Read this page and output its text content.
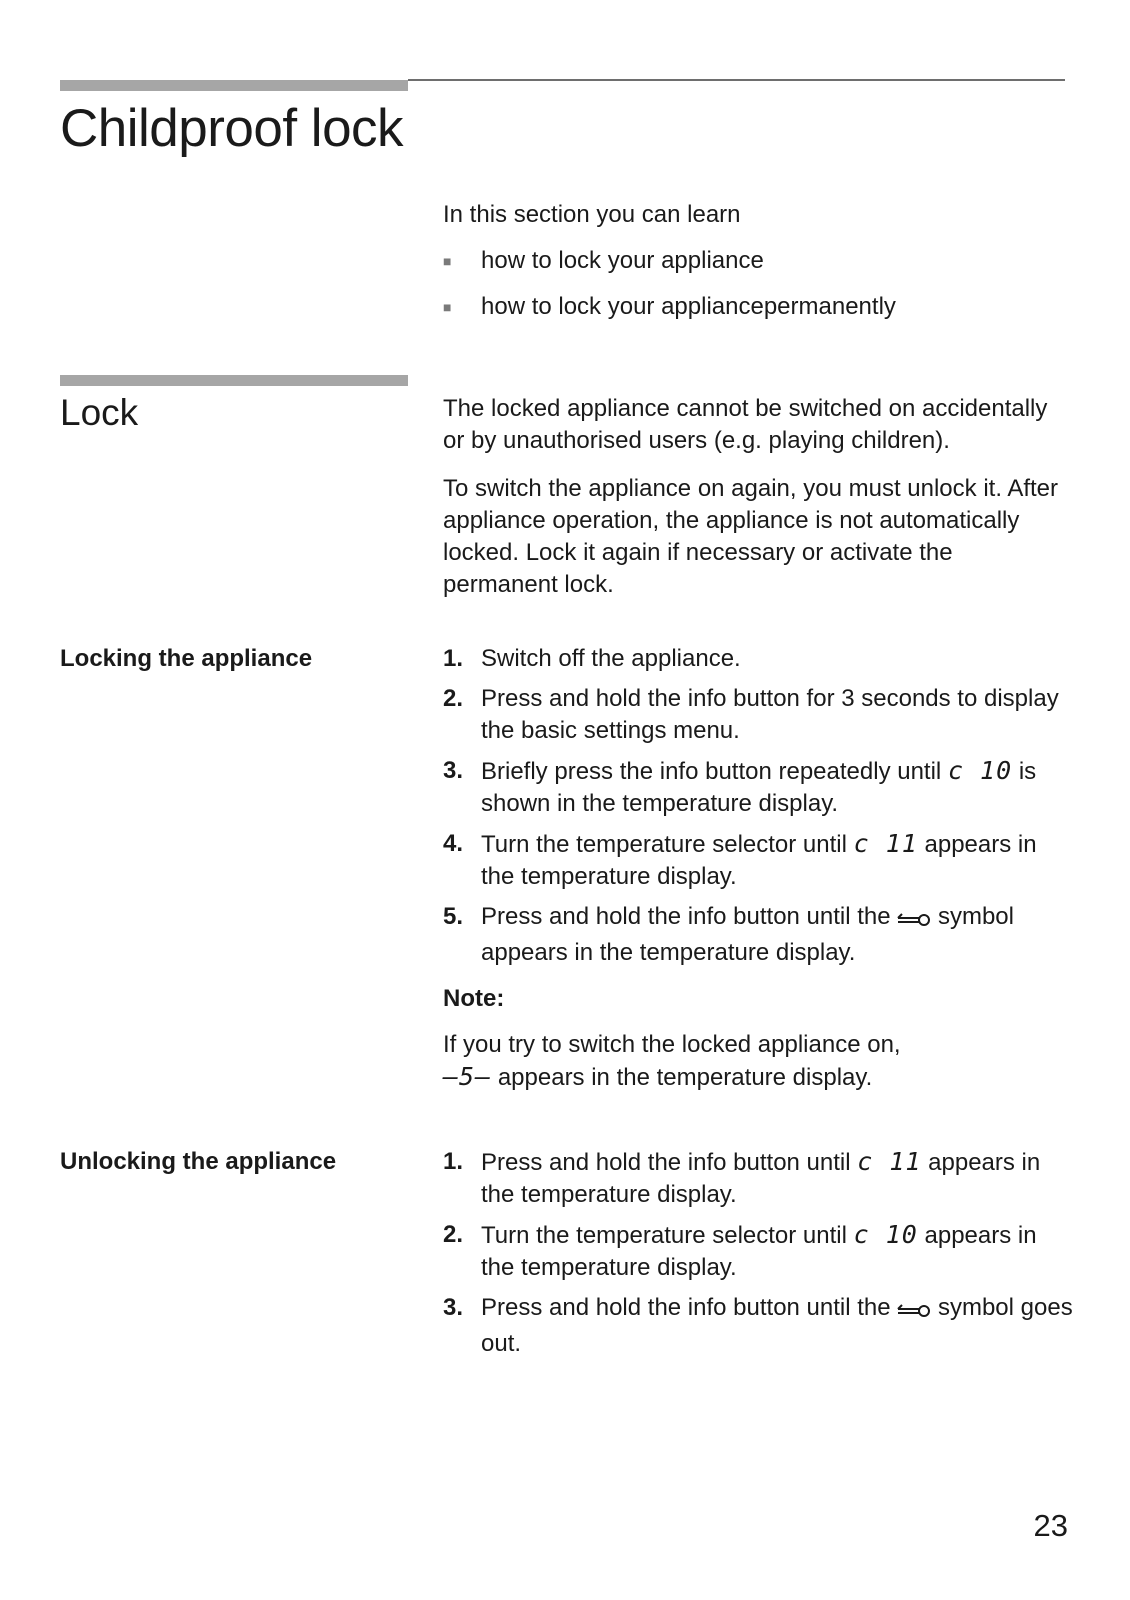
Childproof lock

In this section you can learn

■	how to lock your appliance
■	how to lock your appliancepermanently
Lock	The locked appliance cannot be switched on accidentally or by unauthorised users (e.g. playing children).

To switch the appliance on again, you must unlock it. After appliance operation, the appliance is not automatically locked. Lock it again if necessary or activate the permanent lock.

Locking the appliance	1. Switch off the appliance.
2. Press and hold the info button for 3 seconds to display the basic settings menu.
3. Briefly press the info button repeatedly until c 10 is shown in the temperature display.
4. Turn the temperature selector until c 11 appears in the temperature display.
5. Press and hold the info button until the  symbol appears in the temperature display.

Note:

If you try to switch the locked appliance on,
–5– appears in the temperature display.

Unlocking the appliance	1. Press and hold the info button until c 11 appears in the temperature display.
2. Turn the temperature selector until c 10 appears in the temperature display.
3. Press and hold the info button until the  symbol goes out.
23
